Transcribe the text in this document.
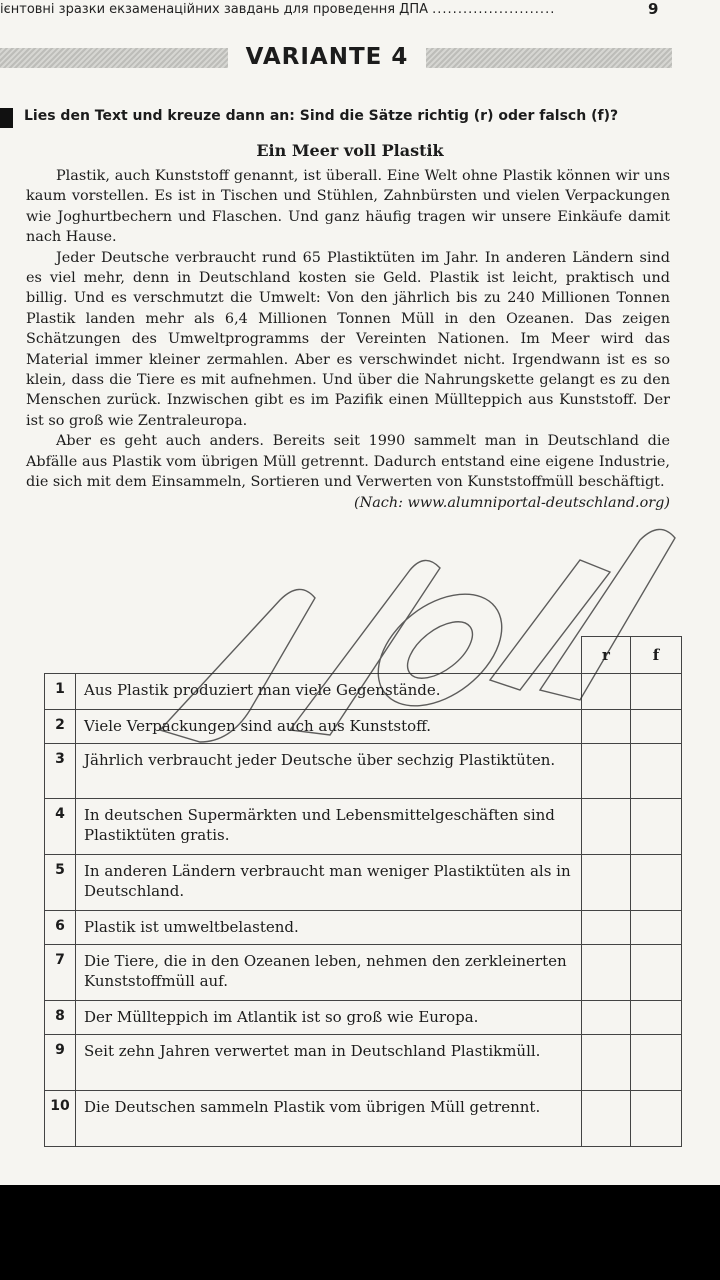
ієнтовні зразки екзаменаційних завдань для проведення ДПА ........................	9
VARIANTE 4
1	Lies den Text und kreuze dann an: Sind die Sätze richtig (r) oder falsch (f)?
Ein Meer voll Plastik

Plastik, auch Kunststoff genannt, ist überall. Eine Welt ohne Plastik können wir uns kaum vorstellen. Es ist in Tischen und Stühlen, Zahnbürsten und vielen Verpackungen wie Joghurtbechern und Flaschen. Und ganz häufig tragen wir unsere Einkäufe damit nach Hause.

Jeder Deutsche verbraucht rund 65 Plastiktüten im Jahr. In anderen Ländern sind es viel mehr, denn in Deutschland kosten sie Geld. Plastik ist leicht, praktisch und billig. Und es verschmutzt die Umwelt: Von den jährlich bis zu 240 Millionen Tonnen Plastik landen mehr als 6,4 Millionen Tonnen Müll in den Ozeanen. Das zeigen Schätzungen des Umweltprogramms der Vereinten Nationen. Im Meer wird das Material immer kleiner zermahlen. Aber es verschwindet nicht. Irgendwann ist es so klein, dass die Tiere es mit aufnehmen. Und über die Nahrungskette gelangt es zu den Menschen zurück. Inzwischen gibt es im Pazifik einen Müllteppich aus Kunststoff. Der ist so groß wie Zentraleuropa.

Aber es geht auch anders. Bereits seit 1990 sammelt man in Deutschland die Abfälle aus Plastik vom übrigen Müll getrennt. Dadurch entstand eine eigene Industrie, die sich mit dem Einsammeln, Sortieren und Verwerten von Kunststoffmüll beschäftigt.

(Nach: www.alumniportal-deutschland.org)

		r	f
1	Aus Plastik produziert man viele Gegenstände.		
2	Viele Verpackungen sind auch aus Kunststoff.		
3	Jährlich verbraucht jeder Deutsche über sechzig Plastiktüten.		
4	In deutschen Supermärkten und Lebensmittelgeschäften sind Plastiktüten gratis.		
5	In anderen Ländern verbraucht man weniger Plastiktüten als in Deutschland.		
6	Plastik ist umweltbelastend.		
7	Die Tiere, die in den Ozeanen leben, nehmen den zerkleinerten Kunststoffmüll auf.		
8	Der Müllteppich im Atlantik ist so groß wie Europa.		
9	Seit zehn Jahren verwertet man in Deutschland Plastikmüll.		
10	Die Deutschen sammeln Plastik vom übrigen Müll getrennt.		
